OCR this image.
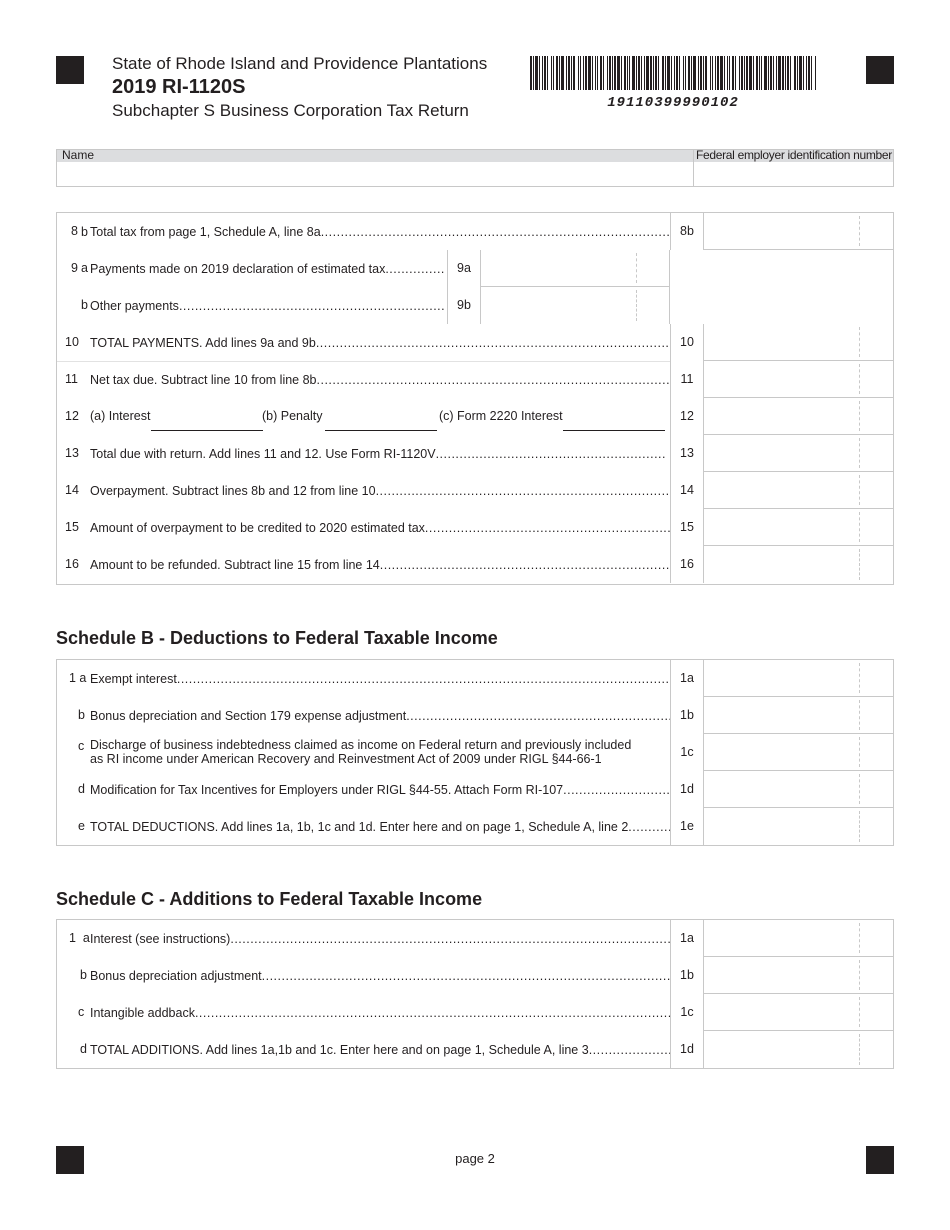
State of Rhode Island and Providence Plantations
2019 RI-1120S
Subchapter S Business Corporation Tax Return	19110399990102
Name	Federal employer identification number
8 b Total tax from page 1, Schedule A, line 8a .....	8b
9 a Payments made on 2019 declaration of estimated tax .....	9a
b Other payments .....	9b
10 TOTAL PAYMENTS. Add lines 9a and 9b .....	10
11 Net tax due. Subtract line 10 from line 8b .....	11
12 (a) Interest	(b) Penalty	(c) Form 2220 Interest	12
13 Total due with return. Add lines 11 and 12. Use Form RI-1120V .....	13
14 Overpayment. Subtract lines 8b and 12 from line 10 .....	14
15 Amount of overpayment to be credited to 2020 estimated tax .....	15
16 Amount to be refunded. Subtract line 15 from line 14 .....	16
Schedule B - Deductions to Federal Taxable Income
1 a Exempt interest .....	1a
b Bonus depreciation and Section 179 expense adjustment .....	1b
c Discharge of business indebtedness claimed as income on Federal return and previously included
as RI income under American Recovery and Reinvestment Act of 2009 under RIGL §44-66-1	1c
d Modification for Tax Incentives for Employers under RIGL §44-55. Attach Form RI-107 .....	1d
e TOTAL DEDUCTIONS. Add lines 1a, 1b, 1c and 1d. Enter here and on page 1, Schedule A, line 2 .....	1e
Schedule C - Additions to Federal Taxable Income
1  a Interest (see instructions) .....	1a
b Bonus depreciation adjustment .....	1b
c Intangible addback .....	1c
d TOTAL ADDITIONS. Add lines 1a,1b and 1c. Enter here and on page 1, Schedule A, line 3 .....	1d
page 2
